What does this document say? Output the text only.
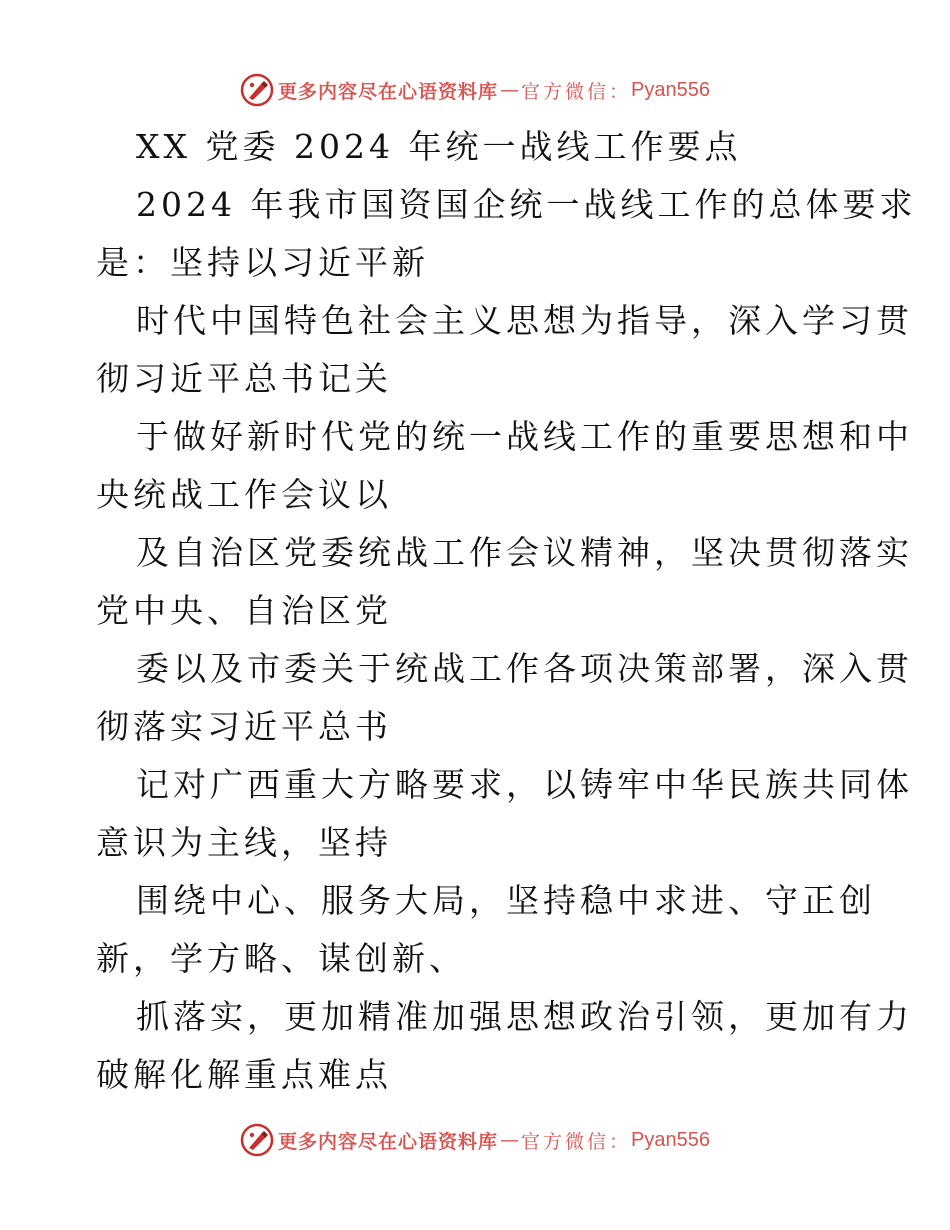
更多内容尽在心语资料库 — 官方微信： Pyan556
XX 党委 2024 年统一战线工作要点
2024 年我市国资国企统一战线工作的总体要求
是：坚持以习近平新
时代中国特色社会主义思想为指导，深入学习贯
彻习近平总书记关
于做好新时代党的统一战线工作的重要思想和中
央统战工作会议以
及自治区党委统战工作会议精神，坚决贯彻落实
党中央、自治区党
委以及市委关于统战工作各项决策部署，深入贯
彻落实习近平总书
记对广西重大方略要求，以铸牢中华民族共同体
意识为主线，坚持
围绕中心、服务大局，坚持稳中求进、守正创
新，学方略、谋创新、
抓落实，更加精准加强思想政治引领，更加有力
破解化解重点难点
更多内容尽在心语资料库 — 官方微信： Pyan556
